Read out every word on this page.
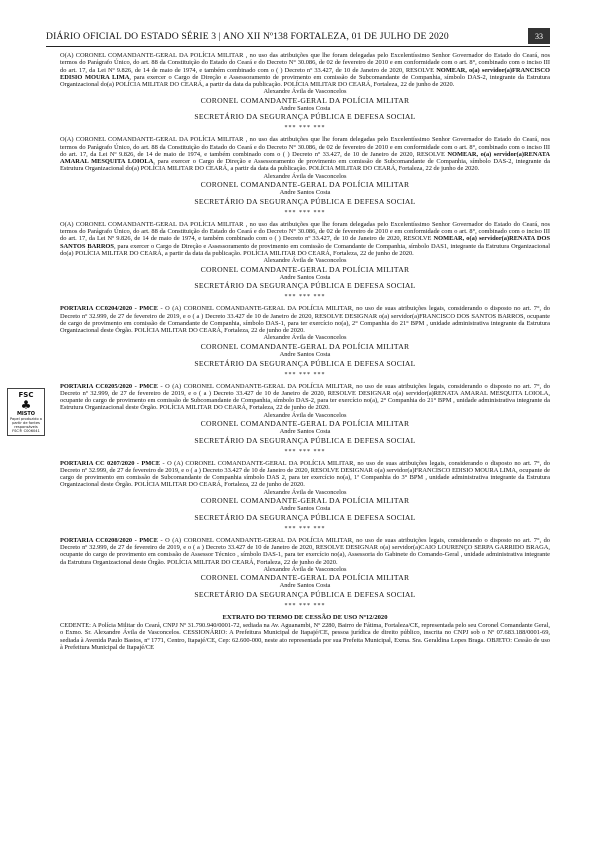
DIÁRIO OFICIAL DO ESTADO SÉRIE 3 | ANO XII Nº138 FORTALEZA, 01 DE JULHO DE 2020	33
FSC
♣
MISTO
Papel produzido a partir de fontes responsáveis
FSC® C006041

O(A) CORONEL COMANDANTE-GERAL DA POLÍCIA MILITAR , no uso das atribuições que lhe foram delegadas pelo Excelentíssimo Senhor Governador do Estado do Ceará, nos termos do Parágrafo Único, do art. 88 da Constituição do Estado do Ceará e do Decreto N° 30.086, de 02 de fevereiro de 2010 e em conformidade com o art. 8°, combinado com o inciso III do art. 17, da Lei Nº 9.826, de 14 de maio de 1974, e também combinado com o ( ) Decreto nº 33.427, de 10 de Janeiro de 2020, RESOLVE NOMEAR, o(a) servidor(a)FRANCISCO EDISIO MOURA LIMA, para exercer o Cargo de Direção e Assessoramento de provimento em comissão de Subcomandante de Companhia, símbolo DAS-2, integrante da Estrutura Organizacional do(a) POLÍCIA MILITAR DO CEARÁ, a partir da data da publicação. POLÍCIA MILITAR DO CEARÁ, Fortaleza, 22 de junho de 2020.

Alexandre Ávila de Vasconcelos

CORONEL COMANDANTE-GERAL DA POLÍCIA MILITAR

Andre Santos Costa

SECRETÁRIO DA SEGURANÇA PÚBLICA E DEFESA SOCIAL

*** *** ***

O(A) CORONEL COMANDANTE-GERAL DA POLÍCIA MILITAR , no uso das atribuições que lhe foram delegadas pelo Excelentíssimo Senhor Governador do Estado do Ceará, nos termos do Parágrafo Único, do art. 88 da Constituição do Estado do Ceará e do Decreto N° 30.086, de 02 de fevereiro de 2010 e em conformidade com o art. 8°, combinado com o inciso III do art. 17, da Lei Nº 9.826, de 14 de maio de 1974, e também combinado com o ( ) Decreto nº 33.427, de 10 de Janeiro de 2020, RESOLVE NOMEAR, o(a) servidor(a)RENATA AMARAL MESQUITA LOIOLA, para exercer o Cargo de Direção e Assessoramento de provimento em comissão de Subcomandante de Companhia, símbolo DAS-2, integrante da Estrutura Organizacional do(a) POLÍCIA MILITAR DO CEARÁ, a partir da data da publicação. POLÍCIA MILITAR DO CEARÁ, Fortaleza, 22 de junho de 2020.

Alexandre Ávila de Vasconcelos

CORONEL COMANDANTE-GERAL DA POLÍCIA MILITAR

Andre Santos Costa

SECRETÁRIO DA SEGURANÇA PÚBLICA E DEFESA SOCIAL

*** *** ***

O(A) CORONEL COMANDANTE-GERAL DA POLÍCIA MILITAR , no uso das atribuições que lhe foram delegadas pelo Excelentíssimo Senhor Governador do Estado do Ceará, nos termos do Parágrafo Único, do art. 88 da Constituição do Estado do Ceará e do Decreto N° 30.086, de 02 de fevereiro de 2010 e em conformidade com o art. 8°, combinado com o inciso III do art. 17, da Lei Nº 9.826, de 14 de maio de 1974, e também combinado com o ( ) Decreto nº 33.427, de 10 de Janeiro de 2020, RESOLVE NOMEAR, o(a) servidor(a)RENATA DOS SANTOS BARROS, para exercer o Cargo de Direção e Assessoramento de provimento em comissão de Comandante de Companhia, símbolo DAS1, integrante da Estrutura Organizacional do(a) POLÍCIA MILITAR DO CEARÁ, a partir da data da publicação. POLÍCIA MILITAR DO CEARÁ, Fortaleza, 22 de junho de 2020.

Alexandre Ávila de Vasconcelos

CORONEL COMANDANTE-GERAL DA POLÍCIA MILITAR

Andre Santos Costa

SECRETÁRIO DA SEGURANÇA PÚBLICA E DEFESA SOCIAL

*** *** ***

PORTARIA CC0204/2020 - PMCE - O (A) CORONEL COMANDANTE-GERAL DA POLÍCIA MILITAR, no uso de suas atribuições legais, considerando o disposto no art. 7°, do Decreto nº 32.999, de 27 de fevereiro de 2019, e o ( a ) Decreto 33.427 de 10 de Janeiro de 2020, RESOLVE DESIGNAR o(a) servidor(a)FRANCISCO DOS SANTOS BARROS, ocupante de cargo de provimento em comissão de Comandante de Companhia, símbolo DAS-1, para ter exercício no(a), 2° Companhia do 21° BPM , unidade administrativa integrante da Estrutura Organizacional deste Órgão. POLÍCIA MILITAR DO CEARÁ, Fortaleza, 22 de junho de 2020.

Alexandre Ávila de Vasconcelos

CORONEL COMANDANTE-GERAL DA POLÍCIA MILITAR

Andre Santos Costa

SECRETÁRIO DA SEGURANÇA PÚBLICA E DEFESA SOCIAL

*** *** ***

PORTARIA CC0205/2020 - PMCE - O (A) CORONEL COMANDANTE-GERAL DA POLÍCIA MILITAR, no uso de suas atribuições legais, considerando o disposto no art. 7°, do Decreto nº 32.999, de 27 de fevereiro de 2019, e o ( a ) Decreto 33.427 de 10 de Janeiro de 2020, RESOLVE DESIGNAR o(a) servidor(a)RENATA AMARAL MESQUITA LOIOLA, ocupante do cargo de provimento em comissão de Subcomandante de Companhia, símbolo DAS-2, para ter exercício no(a), 2° Companhia do 21° BPM , unidade administrativa integrante da Estrutura Organizacional deste Órgão. POLÍCIA MILITAR DO CEARÁ, Fortaleza, 22 de junho de 2020.

Alexandre Ávila de Vasconcelos

CORONEL COMANDANTE-GERAL DA POLÍCIA MILITAR

Andre Santos Costa

SECRETÁRIO DA SEGURANÇA PÚBLICA E DEFESA SOCIAL

*** *** ***

PORTARIA CC 0207/2020 - PMCE - O (A) CORONEL COMANDANTE-GERAL DA POLÍCIA MILITAR, no uso de suas atribuições legais, considerando o disposto no art. 7°, do Decreto nº 32.999, de 27 de fevereiro de 2019, e o ( a ) Decreto 33.427 de 10 de Janeiro de 2020, RESOLVE DESIGNAR o(a) servidor(a)FRANCISCO EDISIO MOURA LIMA, ocupante de cargo de provimento em comissão de Subcomandante de Companhia símbolo DAS 2, para ter exercício no(a), 1ª Companhia do 3° BPM , unidade administrativa integrante da Estrutura Organizacional deste Órgão. POLÍCIA MILITAR DO CEARÁ, Fortaleza, 22 de junho de 2020.

Alexandre Ávila de Vasconcelos

CORONEL COMANDANTE-GERAL DA POLÍCIA MILITAR

Andre Santos Costa

SECRETÁRIO DA SEGURANÇA PÚBLICA E DEFESA SOCIAL

*** *** ***

PORTARIA CC0208/2020 - PMCE - O (A) CORONEL COMANDANTE-GERAL DA POLÍCIA MILITAR, no uso de suas atribuições legais, considerando o disposto no art. 7°, do Decreto nº 32.999, de 27 de fevereiro de 2019, e o ( a ) Decreto 33.427 de 10 de Janeiro de 2020, RESOLVE DESIGNAR o(a) servidor(a)CAIO LOURENÇO SERPA GARRIDO BRAGA, ocupante do cargo de provimento em comissão de Assessor Técnico , símbolo DAS-1, para ter exercício no(a), Assessoria do Gabinete do Comando-Geral , unidade administrativa integrante da Estrutura Organizacional deste Órgão. POLÍCIA MILITAR DO CEARÁ, Fortaleza, 22 de junho de 2020.

Alexandre Ávila de Vasconcelos

CORONEL COMANDANTE-GERAL DA POLÍCIA MILITAR

Andre Santos Costa

SECRETÁRIO DA SEGURANÇA PÚBLICA E DEFESA SOCIAL

*** *** ***

EXTRATO DO TERMO DE CESSÃO DE USO Nº12/2020

CEDENTE: A Polícia Militar do Ceará, CNPJ Nº 31.790.940/0001-72, sediada na Av. Aguanambi, Nº 2280, Bairro de Fátima, Fortaleza/CE, representada pelo seu Coronel Comandante Geral, o Exmo. Sr. Alexandre Ávila de Vasconcelos. CESSIONÁRIO: A Prefeitura Municipal de Itapajé/CE, pessoa jurídica de direito público, inscrita no CNPJ sob o Nº 07.683.188/0001-69, sediada à Avenida Paulo Bastos, nº 1771, Centro, Itapajé/CE, Cep: 62.600-000, neste ato representada por sua Prefeita Municipal, Exma. Sra. Geraldina Lopes Braga. OBJETO: Cessão de uso à Prefeitura Municipal de Itapajé/CE
